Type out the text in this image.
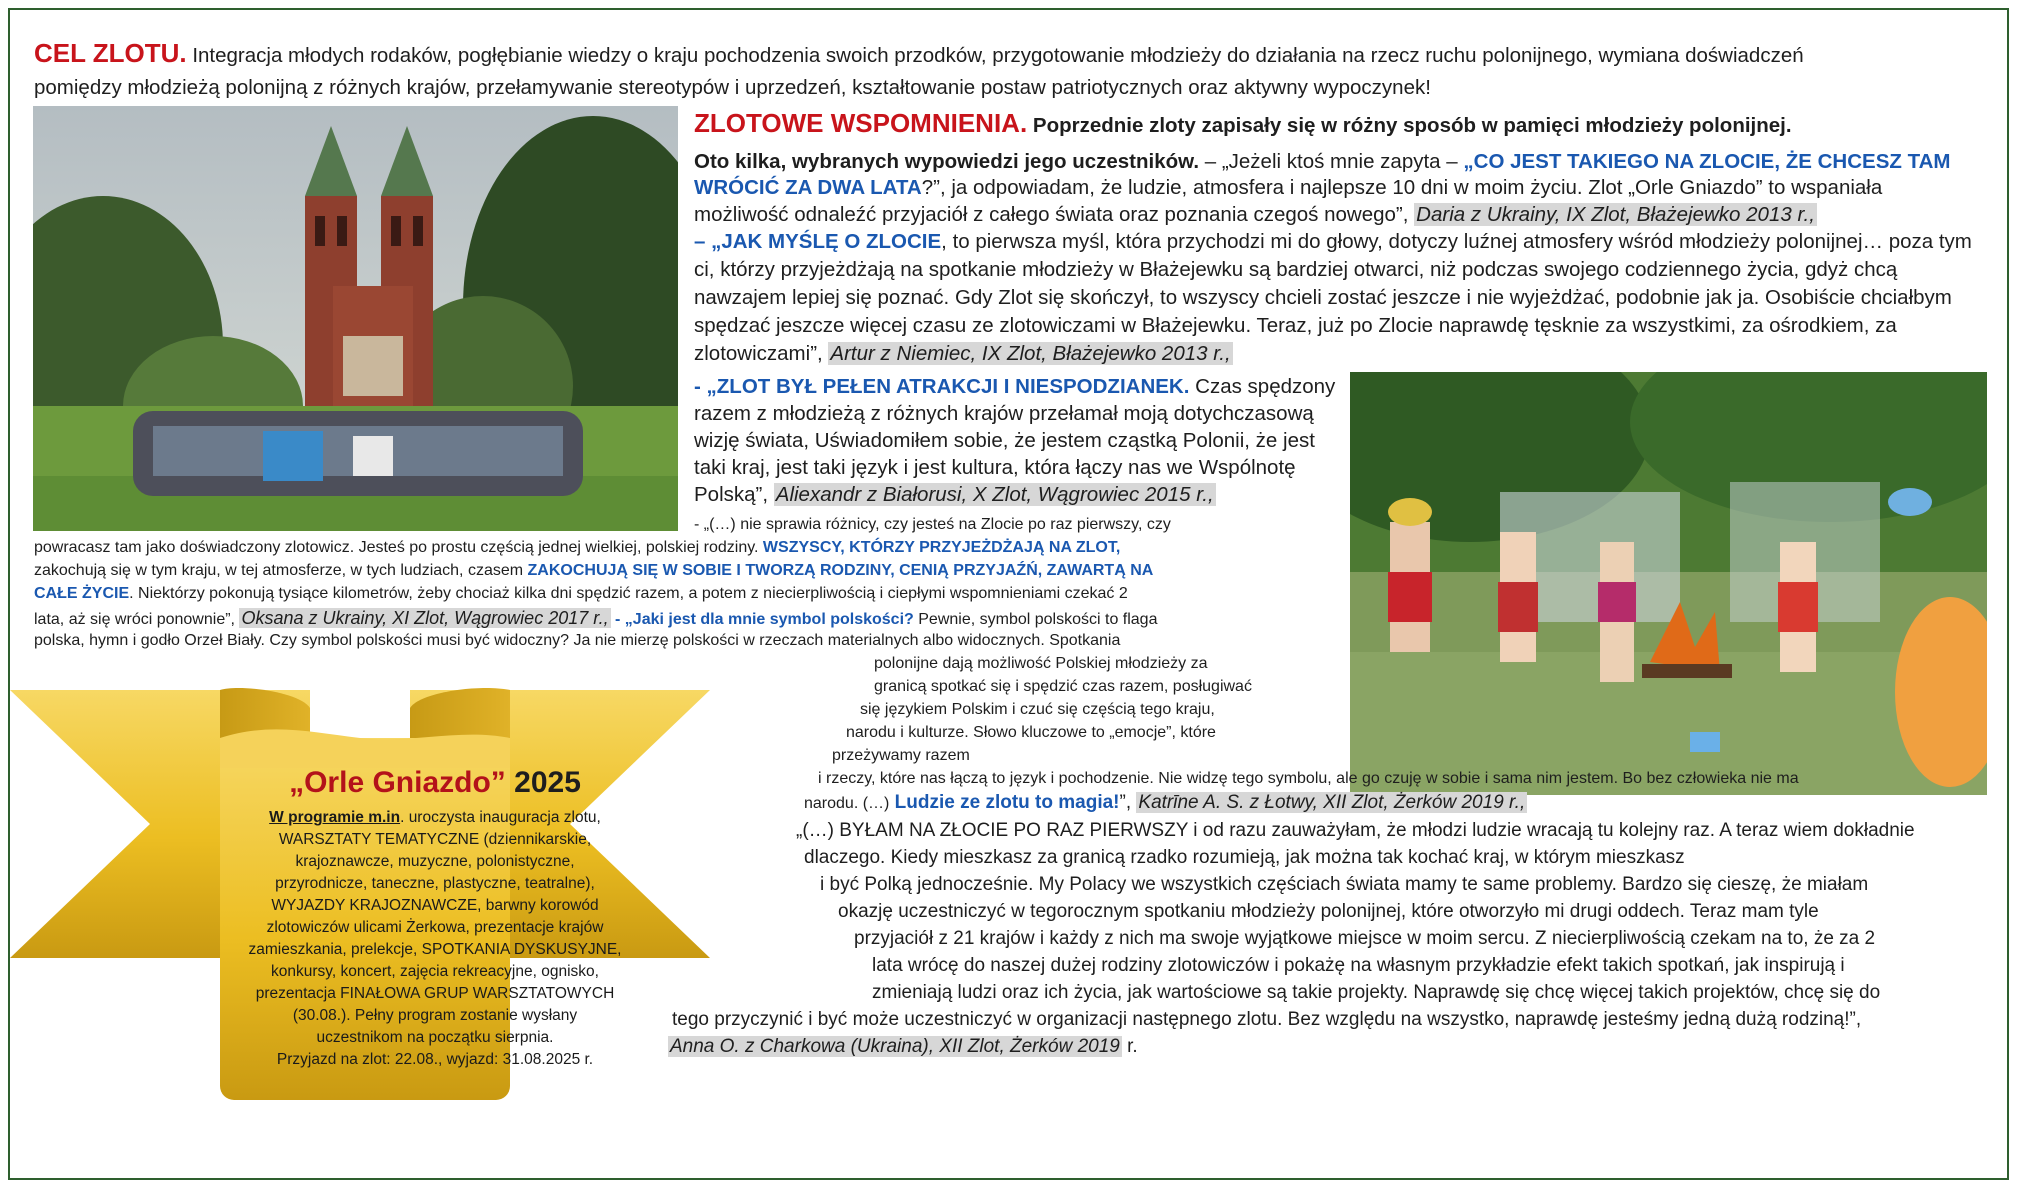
CEL ZLOTU. Integracja młodych rodaków, pogłębianie wiedzy o kraju pochodzenia swoich przodków, przygotowanie młodzieży do działania na rzecz ruchu polonijnego, wymiana doświadczeń
pomiędzy młodzieżą polonijną z różnych krajów, przełamywanie stereotypów i uprzedzeń, kształtowanie postaw patriotycznych oraz aktywny wypoczynek!
ZLOTOWE WSPOMNIENIA. Poprzednie zloty zapisały się w różny sposób w pamięci młodzieży polonijnej.
Oto kilka, wybranych wypowiedzi jego uczestników. – „Jeżeli ktoś mnie zapyta – „CO JEST TAKIEGO NA ZLOCIE, ŻE CHCESZ TAM
WRÓCIĆ ZA DWA LATA?”, ja odpowiadam, że ludzie, atmosfera i najlepsze 10 dni w moim życiu. Zlot „Orle Gniazdo” to wspaniała
możliwość odnaleźć przyjaciół z całego świata oraz poznania czegoś nowego”, Daria z Ukrainy, IX Zlot, Błażejewko 2013 r.,
– „JAK MYŚLĘ O ZLOCIE, to pierwsza myśl, która przychodzi mi do głowy, dotyczy luźnej atmosfery wśród młodzieży polonijnej… poza tym
ci, którzy przyjeżdżają na spotkanie młodzieży w Błażejewku są bardziej otwarci, niż podczas swojego codziennego życia, gdyż chcą
nawzajem lepiej się poznać. Gdy Zlot się skończył, to wszyscy chcieli zostać jeszcze i nie wyjeżdżać, podobnie jak ja. Osobiście chciałbym
spędzać jeszcze więcej czasu ze zlotowiczami w Błażejewku. Teraz, już po Zlocie naprawdę tęsknie za wszystkimi, za ośrodkiem, za
zlotowiczami”, Artur z Niemiec, IX Zlot, Błażejewko 2013 r.,
- „ZLOT BYŁ PEŁEN ATRAKCJI I NIESPODZIANEK. Czas spędzony
razem z młodzieżą z różnych krajów przełamał moją dotychczasową
wizję świata, Uświadomiłem sobie, że jestem cząstką Polonii, że jest
taki kraj, jest taki język i jest kultura, która łączy nas we Wspólnotę
Polską”, Aliexandr z Białorusi, X Zlot, Wągrowiec 2015 r.,
- „(…) nie sprawia różnicy, czy jesteś na Zlocie po raz pierwszy, czy
powracasz tam jako doświadczony zlotowicz. Jesteś po prostu częścią jednej wielkiej, polskiej rodziny. WSZYSCY, KTÓRZY PRZYJEŻDŻAJĄ NA ZLOT,
zakochują się w tym kraju, w tej atmosferze, w tych ludziach, czasem ZAKOCHUJĄ SIĘ W SOBIE I TWORZĄ RODZINY, CENIĄ PRZYJAŹŃ, ZAWARTĄ NA
CAŁE ŻYCIE. Niektórzy pokonują tysiące kilometrów, żeby chociaż kilka dni spędzić razem, a potem z niecierpliwością i ciepłymi wspomnieniami czekać 2
lata, aż się wróci ponownie”, Oksana z Ukrainy, XI Zlot, Wągrowiec 2017 r., - „Jaki jest dla mnie symbol polskości? Pewnie, symbol polskości to flaga
polska, hymn i godło Orzeł Biały. Czy symbol polskości musi być widoczny? Ja nie mierzę polskości w rzeczach materialnych albo widocznych. Spotkania
polonijne dają możliwość Polskiej młodzieży za
granicą spotkać się i spędzić czas razem, posługiwać
się językiem Polskim i czuć się częścią tego kraju,
narodu i kulturze. Słowo kluczowe to „emocje”, które
przeżywamy razem
i rzeczy, które nas łączą to język i pochodzenie. Nie widzę tego symbolu, ale go czuję w sobie i sama nim jestem. Bo bez człowieka nie ma
narodu. (…) Ludzie ze zlotu to magia!”, Katrīne A. S. z Łotwy, XII Zlot, Żerków 2019 r.,
„(…) BYŁAM NA ZŁOCIE PO RAZ PIERWSZY i od razu zauważyłam, że młodzi ludzie wracają tu kolejny raz. A teraz wiem dokładnie
dlaczego. Kiedy mieszkasz za granicą rzadko rozumieją, jak można tak kochać kraj, w którym mieszkasz
i być Polką jednocześnie. My Polacy we wszystkich częściach świata mamy te same problemy. Bardzo się cieszę, że miałam
okazję uczestniczyć w tegorocznym spotkaniu młodzieży polonijnej, które otworzyło mi drugi oddech. Teraz mam tyle
przyjaciół z 21 krajów i każdy z nich ma swoje wyjątkowe miejsce w moim sercu. Z niecierpliwością czekam na to, że za 2
lata wrócę do naszej dużej rodziny zlotowiczów i pokażę na własnym przykładzie efekt takich spotkań, jak inspirują i
zmieniają ludzi oraz ich życia, jak wartościowe są takie projekty. Naprawdę się chcę więcej takich projektów, chcę się do
tego przyczynić i być może uczestniczyć w organizacji następnego zlotu. Bez względu na wszystko, naprawdę jesteśmy jedną dużą rodziną!”,
Anna O. z Charkowa (Ukraina), XII Zlot, Żerków 2019 r.
„Orle Gniazdo” 2025
W programie m.in. uroczysta inauguracja zlotu,
WARSZTATY TEMATYCZNE (dziennikarskie,
krajoznawcze, muzyczne, polonistyczne,
przyrodnicze, taneczne, plastyczne, teatralne),
WYJAZDY KRAJOZNAWCZE, barwny korowód
zlotowiczów ulicami Żerkowa, prezentacje krajów
zamieszkania, prelekcje, SPOTKANIA DYSKUSYJNE,
konkursy, koncert, zajęcia rekreacyjne, ognisko,
prezentacja FINAŁOWA GRUP WARSZTATOWYCH
(30.08.). Pełny program zostanie wysłany
uczestnikom na początku sierpnia.
Przyjazd na zlot: 22.08., wyjazd: 31.08.2025 r.
